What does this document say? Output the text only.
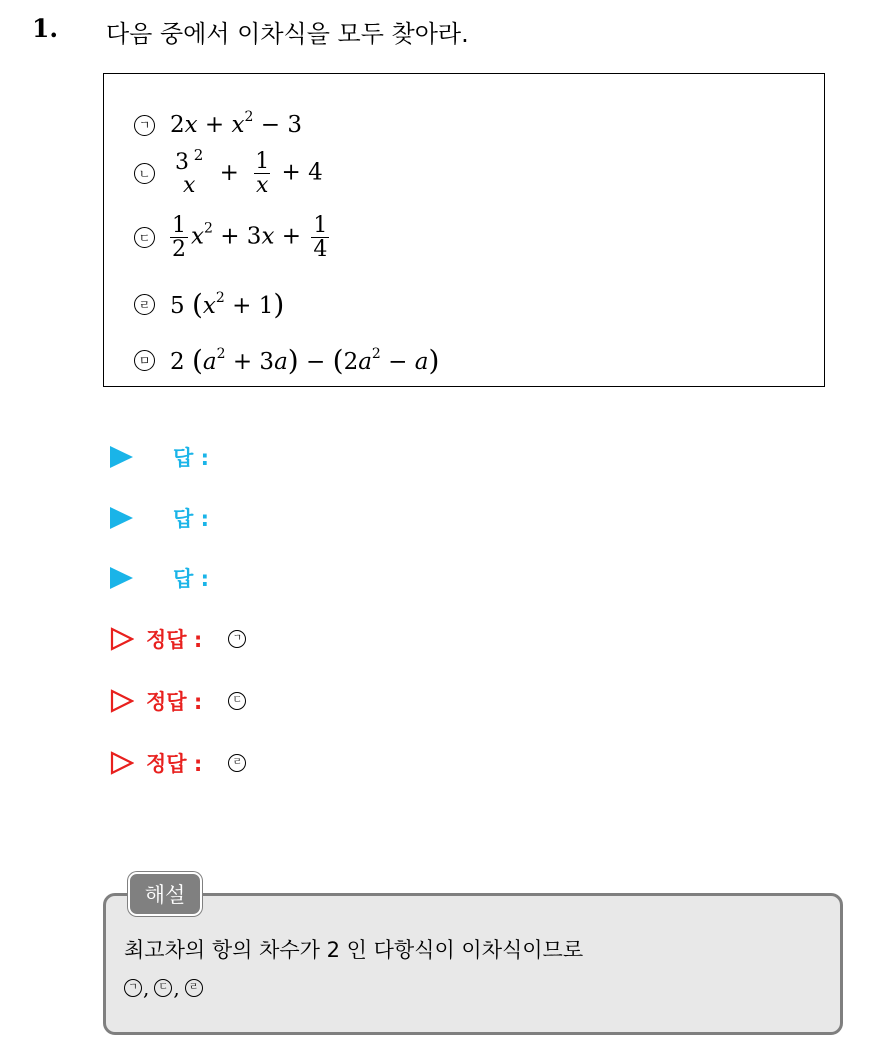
1. 다음 중에서 이차식을 모두 찾아라.
ㄱ $2x + x^2 - 3$
ㄴ 3 $^2$
$x + \frac{1}{x} + 4$
ㄷ $\frac{1}{2} x^2 + 3x + \frac{1}{4}$
ㄹ 5 $(x^2 + 1)$
ㅁ 2 $(a^2 + 3a) - (2a^2 - a)$
답 :
답 :
답 :
정답 :	ㄱ
정답 :	ㄷ
정답 :	ㄹ
해설
최고차의 항의 차수가 2 인 다항식이 이차식이므로
ㄱ , ㄷ , ㄹ
